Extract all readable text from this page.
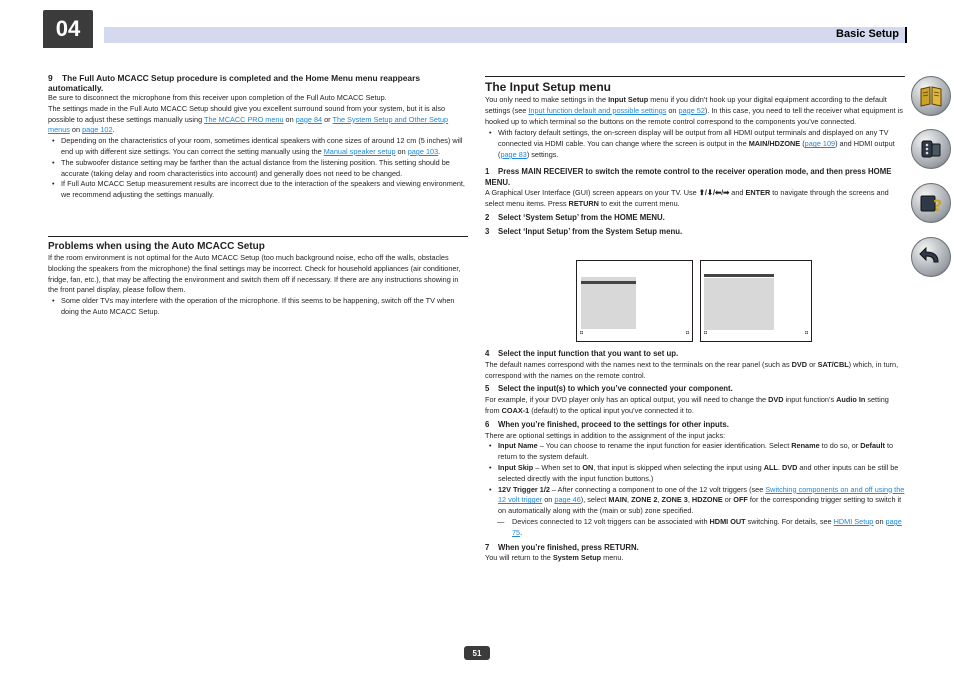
04	Basic Setup

9 The Full Auto MCACC Setup procedure is completed and the Home Menu menu reappears automatically.

Be sure to disconnect the microphone from this receiver upon completion of the Full Auto MCACC Setup.

The settings made in the Full Auto MCACC Setup should give you excellent surround sound from your system, but it is also possible to adjust these settings manually using The MCACC PRO menu on page 84 or The System Setup and Other Setup menus on page 102.

• Depending on the characteristics of your room, sometimes identical speakers with cone sizes of around 12 cm (5 inches) will end up with different size settings. You can correct the setting manually using the Manual speaker setup on page 103.

• The subwoofer distance setting may be farther than the actual distance from the listening position. This setting should be accurate (taking delay and room characteristics into account) and generally does not need to be changed.

• If Full Auto MCACC Setup measurement results are incorrect due to the interaction of the speakers and viewing environment, we recommend adjusting the settings manually.

Problems when using the Auto MCACC Setup

If the room environment is not optimal for the Auto MCACC Setup (too much background noise, echo off the walls, obstacles blocking the speakers from the microphone) the final settings may be incorrect. Check for household appliances (air conditioner, fridge, fan, etc.), that may be affecting the environment and switch them off if necessary. If there are any instructions showing in the front panel display, please follow them.

• Some older TVs may interfere with the operation of the microphone. If this seems to be happening, switch off the TV when doing the Auto MCACC Setup.

The Input Setup menu

You only need to make settings in the Input Setup menu if you didn’t hook up your digital equipment according to the default settings (see Input function default and possible settings on page 52). In this case, you need to tell the receiver what equipment is hooked up to which terminal so the buttons on the remote control correspond to the components you’ve connected.

• With factory default settings, the on-screen display will be output from all HDMI output terminals and displayed on any TV connected via HDMI cable. You can change where the screen is output in the MAIN/HDZONE (page 109) and HDMI output (page 83) settings.

1 Press MAIN RECEIVER to switch the remote control to the receiver operation mode, and then press HOME MENU.

A Graphical User Interface (GUI) screen appears on your TV. Use ⬆/⬇/⬅/➡ and ENTER to navigate through the screens and select menu items. Press RETURN to exit the current menu.

2 Select ‘System Setup’ from the HOME MENU.

3 Select ‘Input Setup’ from the System Setup menu.

◘	◘	◘	◘

4 Select the input function that you want to set up.

The default names correspond with the names next to the terminals on the rear panel (such as DVD or SAT/CBL) which, in turn, correspond with the names on the remote control.

5 Select the input(s) to which you’ve connected your component.

For example, if your DVD player only has an optical output, you will need to change the DVD input function’s Audio In setting from COAX-1 (default) to the optical input you’ve connected it to.

6 When you’re finished, proceed to the settings for other inputs.

There are optional settings in addition to the assignment of the input jacks:

• Input Name – You can choose to rename the input function for easier identification. Select Rename to do so, or Default to return to the system default.

• Input Skip – When set to ON, that input is skipped when selecting the input using ALL. DVD and other inputs can be still be selected directly with the input function buttons.)

• 12V Trigger 1/2 – After connecting a component to one of the 12 volt triggers (see Switching components on and off using the 12 volt trigger on page 46), select MAIN, ZONE 2, ZONE 3, HDZONE or OFF for the corresponding trigger setting to switch it on automatically along with the (main or sub) zone specified.

— Devices connected to 12 volt triggers can be associated with HDMI OUT switching. For details, see HDMI Setup on page 75.

7 When you’re finished, press RETURN.

You will return to the System Setup menu.

?
51
